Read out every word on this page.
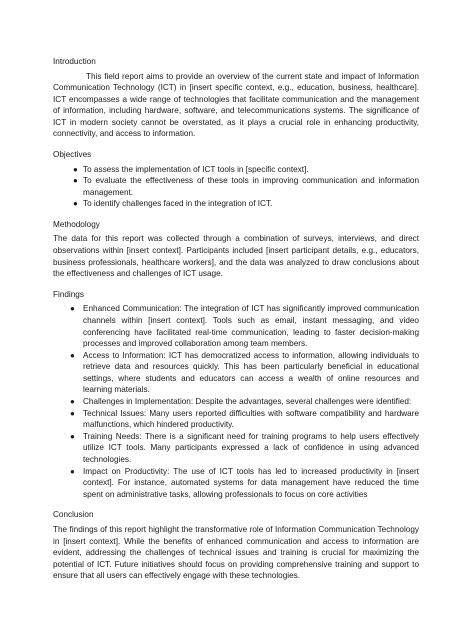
Introduction

This field report aims to provide an overview of the current state and impact of Information Communication Technology (ICT) in [insert specific context, e.g., education, business, healthcare]. ICT encompasses a wide range of technologies that facilitate communication and the management of information, including hardware, software, and telecommunications systems. The significance of ICT in modern society cannot be overstated, as it plays a crucial role in enhancing productivity, connectivity, and access to information.

Objectives
● To assess the implementation of ICT tools in [specific context].
● To evaluate the effectiveness of these tools in improving communication and information management.
● To identify challenges faced in the integration of ICT.
Methodology

The data for this report was collected through a combination of surveys, interviews, and direct observations within [insert context]. Participants included [insert participant details, e.g., educators, business professionals, healthcare workers], and the data was analyzed to draw conclusions about the effectiveness and challenges of ICT usage.

Findings
● Enhanced Communication: The integration of ICT has significantly improved communication channels within [insert context]. Tools such as email, instant messaging, and video conferencing have facilitated real-time communication, leading to faster decision-making processes and improved collaboration among team members.
● Access to Information: ICT has democratized access to information, allowing individuals to retrieve data and resources quickly. This has been particularly beneficial in educational settings, where students and educators can access a wealth of online resources and learning materials.
● Challenges in Implementation: Despite the advantages, several challenges were identified:
● Technical Issues: Many users reported difficulties with software compatibility and hardware malfunctions, which hindered productivity.
● Training Needs: There is a significant need for training programs to help users effectively utilize ICT tools. Many participants expressed a lack of confidence in using advanced technologies.
● Impact on Productivity: The use of ICT tools has led to increased productivity in [insert context]. For instance, automated systems for data management have reduced the time spent on administrative tasks, allowing professionals to focus on core activities
Conclusion

The findings of this report highlight the transformative role of Information Communication Technology in [insert context]. While the benefits of enhanced communication and access to information are evident, addressing the challenges of technical issues and training is crucial for maximizing the potential of ICT. Future initiatives should focus on providing comprehensive training and support to ensure that all users can effectively engage with these technologies.
